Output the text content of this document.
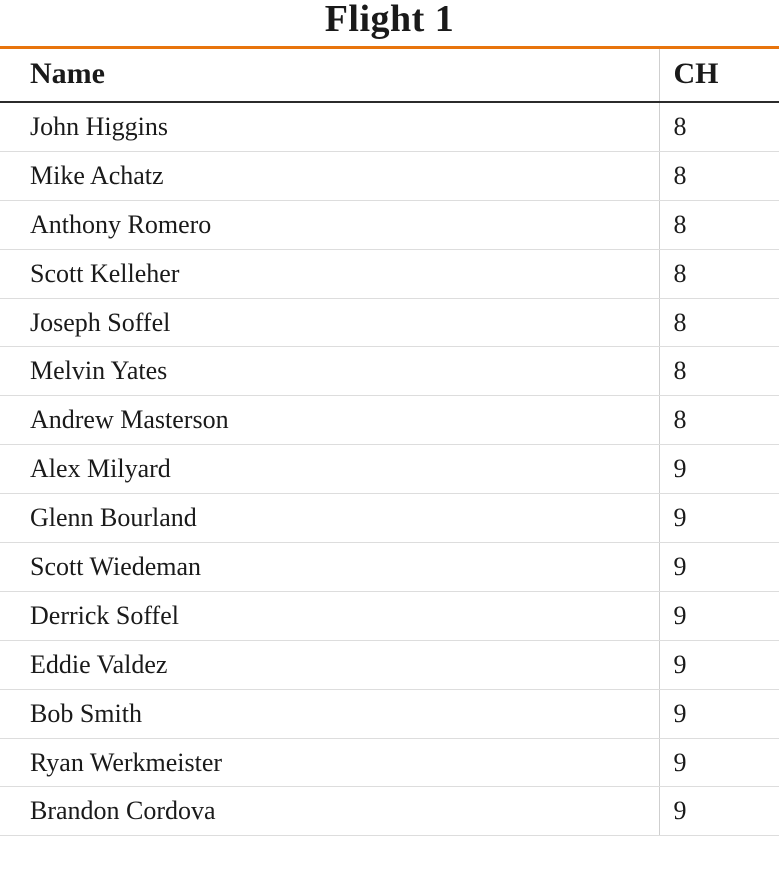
Flight 1
Name	CH
John Higgins	8
Mike Achatz	8
Anthony Romero	8
Scott Kelleher	8
Joseph Soffel	8
Melvin Yates	8
Andrew Masterson	8
Alex Milyard	9
Glenn Bourland	9
Scott Wiedeman	9
Derrick Soffel	9
Eddie Valdez	9
Bob Smith	9
Ryan Werkmeister	9
Brandon Cordova	9
